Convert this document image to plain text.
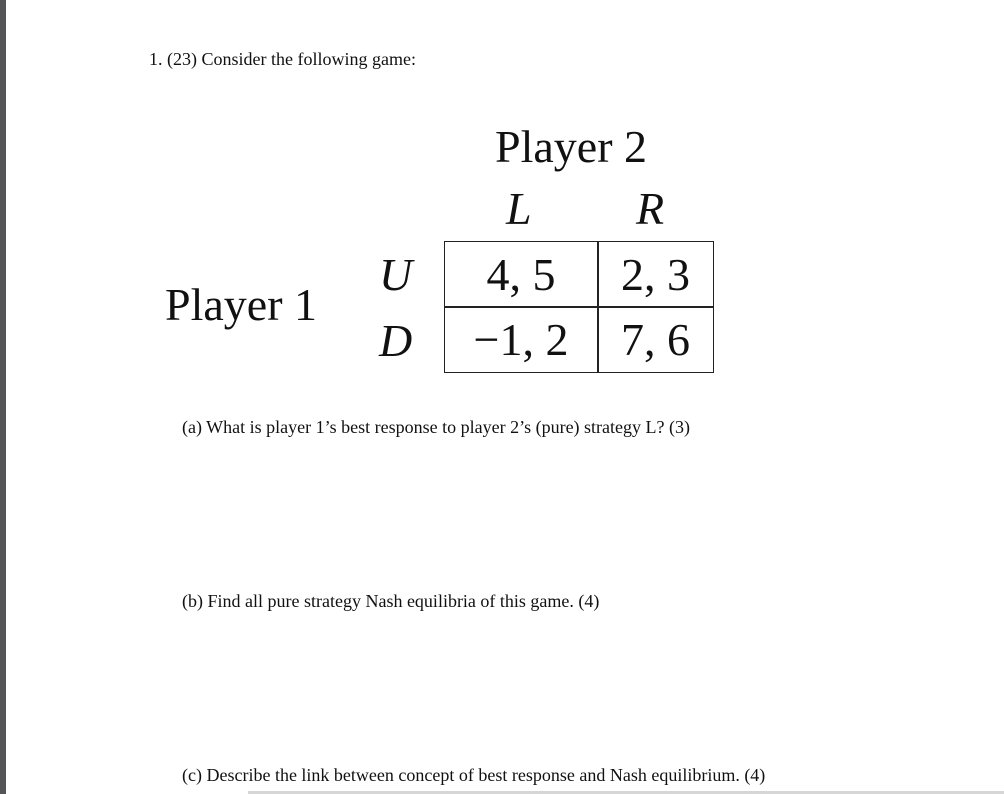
1. (23) Consider the following game:
Player 2
L R
Player 1
U
D
4, 5	2, 3
−1, 2	7, 6
(a) What is player 1’s best response to player 2’s (pure) strategy L? (3)
(b) Find all pure strategy Nash equilibria of this game. (4)
(c) Describe the link between concept of best response and Nash equilibrium. (4)
